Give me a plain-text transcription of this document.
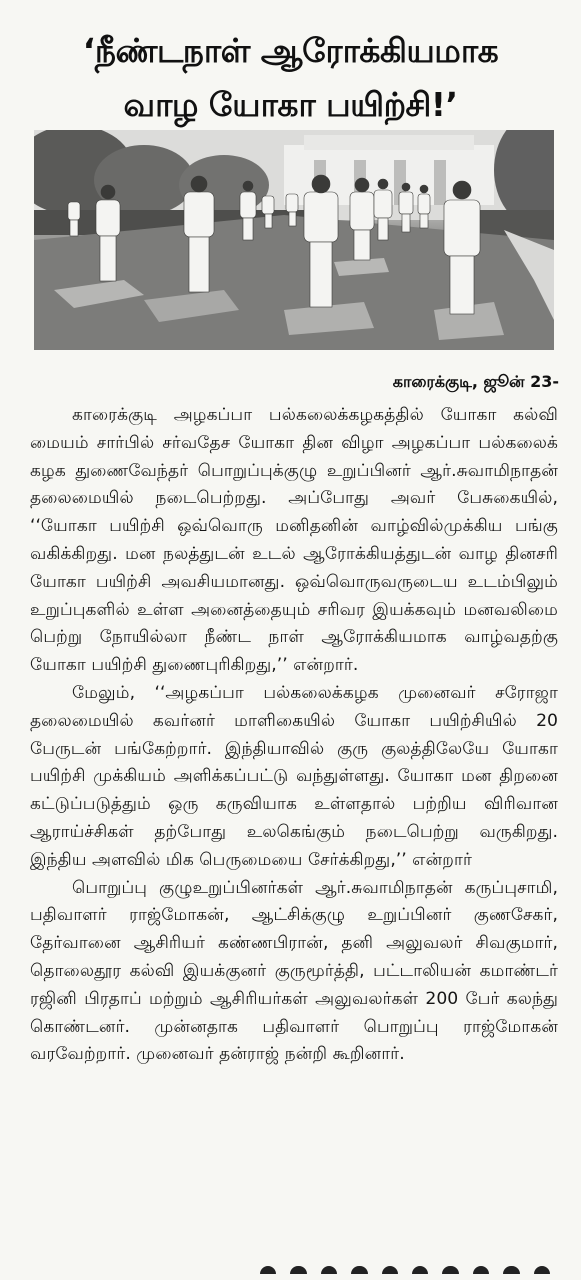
‘நீண்டநாள் ஆரோக்கியமாக
வாழ யோகா பயிற்சி!’
காரைக்குடி, ஜூன் 23-

காரைக்குடி அழகப்பா பல்கலைக்கழகத்தில் யோகா கல்வி மையம் சார்பில் சர்வதேச யோகா தின விழா அழகப்பா பல்கலைக் கழக துணைவேந்தர் பொறுப்புக்குழு உறுப்பினர் ஆர்.சுவாமிநாதன் தலைமையில் நடைபெற்றது. அப்போது அவர் பேசுகையில், ‘‘யோகா பயிற்சி ஒவ்வொரு மனிதனின் வாழ்வில்முக்கிய பங்கு வகிக்கிறது. மன நலத்துடன் உடல் ஆரோக்கியத்துடன் வாழ தினசரி யோகா பயிற்சி அவசியமானது. ஒவ்வொருவருடைய உடம்பிலும் உறுப்புகளில் உள்ள அனைத்தையும் சரிவர இயக்கவும் மனவலிமை பெற்று நோயில்லா நீண்ட நாள் ஆரோக்கியமாக வாழ்வதற்கு யோகா பயிற்சி துணைபுரிகிறது,’’ என்றார்.

மேலும், ‘‘அழகப்பா பல்கலைக்கழக முனைவர் சரோஜா தலைமையில் கவர்னர் மாளிகையில் யோகா பயிற்சியில் 20 பேருடன் பங்கேற்றார். இந்தியாவில் குரு குலத்திலேயே யோகா பயிற்சி முக்கியம் அளிக்கப்பட்டு வந்துள்ளது. யோகா மன திறனை கட்டுப்படுத்தும் ஒரு கருவியாக உள்ளதால் பற்றிய விரிவான ஆராய்ச்சிகள் தற்போது உலகெங்கும் நடைபெற்று வருகிறது. இந்திய அளவில் மிக பெருமையை சேர்க்கிறது,’’ என்றார்

பொறுப்பு குழுஉறுப்பினர்கள் ஆர்.சுவாமிநாதன் கருப்புசாமி, பதிவாளர் ராஜ்மோகன், ஆட்சிக்குழு உறுப்பினர் குணசேகர், தேர்வானை ஆசிரியர் கண்ணபிரான், தனி அலுவலர் சிவகுமார், தொலைதூர கல்வி இயக்குனர் குருமூர்த்தி, பட்டாலியன் கமாண்டர் ரஜினி பிரதாப் மற்றும் ஆசிரியர்கள் அலுவலர்கள் 200 பேர் கலந்து கொண்டனர். முன்னதாக பதிவாளர் பொறுப்பு ராஜ்மோகன் வரவேற்றார். முனைவர் தன்ராஜ் நன்றி கூறினார்.
